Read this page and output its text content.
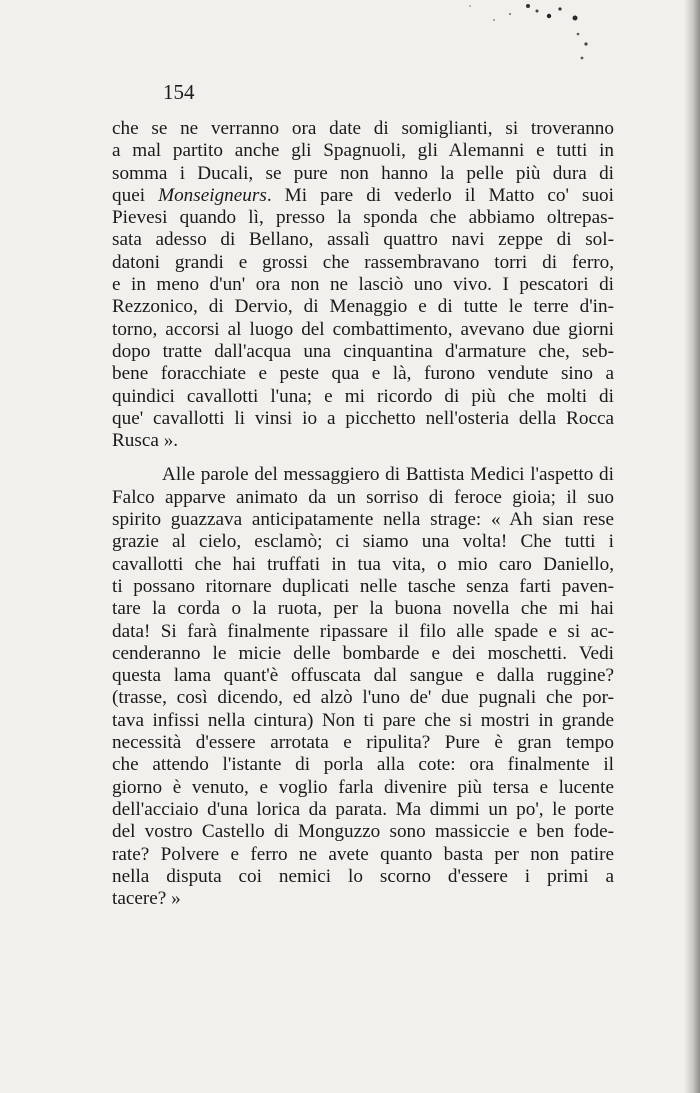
154
che se ne verranno ora date di somiglianti, si troveranno
a mal partito anche gli Spagnuoli, gli Alemanni e tutti in
somma i Ducali, se pure non hanno la pelle più dura di
quei Monseigneurs. Mi pare di vederlo il Matto co' suoi
Pievesi quando lì, presso la sponda che abbiamo oltrepas-
sata adesso di Bellano, assalì quattro navi zeppe di sol-
datoni grandi e grossi che rassembravano torri di ferro,
e in meno d'un' ora non ne lasciò uno vivo. I pescatori di
Rezzonico, di Dervio, di Menaggio e di tutte le terre d'in-
torno, accorsi al luogo del combattimento, avevano due giorni
dopo tratte dall'acqua una cinquantina d'armature che, seb-
bene foracchiate e peste qua e là, furono vendute sino a
quindici cavallotti l'una; e mi ricordo di più che molti di
que' cavallotti li vinsi io a picchetto nell'osteria della Rocca
Rusca ».
Alle parole del messaggiero di Battista Medici l'aspetto di
Falco apparve animato da un sorriso di feroce gioia; il suo
spirito guazzava anticipatamente nella strage: « Ah sian rese
grazie al cielo, esclamò; ci siamo una volta! Che tutti i
cavallotti che hai truffati in tua vita, o mio caro Daniello,
ti possano ritornare duplicati nelle tasche senza farti paven-
tare la corda o la ruota, per la buona novella che mi hai
data! Si farà finalmente ripassare il filo alle spade e si ac-
cenderanno le micie delle bombarde e dei moschetti. Vedi
questa lama quant'è offuscata dal sangue e dalla ruggine?
(trasse, così dicendo, ed alzò l'uno de' due pugnali che por-
tava infissi nella cintura) Non ti pare che si mostri in grande
necessità d'essere arrotata e ripulita? Pure è gran tempo
che attendo l'istante di porla alla cote: ora finalmente il
giorno è venuto, e voglio farla divenire più tersa e lucente
dell'acciaio d'una lorica da parata. Ma dimmi un po', le porte
del vostro Castello di Monguzzo sono massiccie e ben fode-
rate? Polvere e ferro ne avete quanto basta per non patire
nella disputa coi nemici lo scorno d'essere i primi a
tacere? »
